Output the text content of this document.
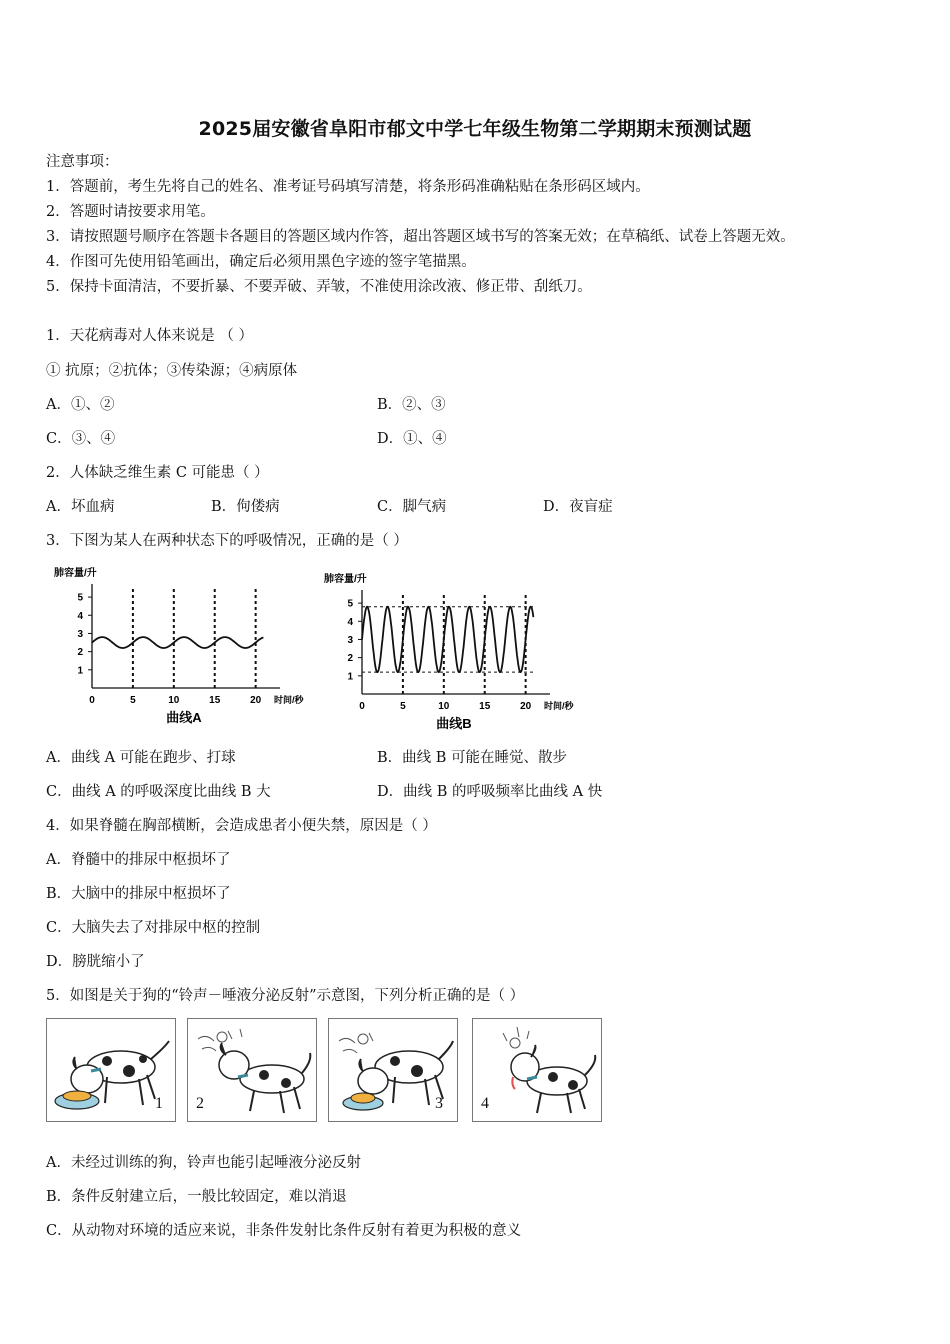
2025届安徽省阜阳市郁文中学七年级生物第二学期期末预测试题
注意事项：
1．答题前，考生先将自己的姓名、准考证号码填写清楚，将条形码准确粘贴在条形码区域内。
2．答题时请按要求用笔。
3．请按照题号顺序在答题卡各题目的答题区域内作答，超出答题区域书写的答案无效；在草稿纸、试卷上答题无效。
4．作图可先使用铅笔画出，确定后必须用黑色字迹的签字笔描黑。
5．保持卡面清洁，不要折暴、不要弄破、弄皱，不准使用涂改液、修正带、刮纸刀。
1．天花病毒对人体来说是 （ ）
① 抗原；②抗体；③传染源；④病原体
A．①、②	B．②、③
C．③、④	D．①、④
2．人体缺乏维生素 C 可能患（ ）
A．坏血病	B．佝偻病	C．脚气病	D．夜盲症
3．下图为某人在两种状态下的呼吸情况，正确的是（ ）
肺容量/升
1
2
3
4
5
0	5	10	15	20 时间/秒
曲线A
肺容量/升
1
2
3
4
5
0	5	10	15	20 时间/秒
曲线B
A．曲线 A 可能在跑步、打球	B．曲线 B 可能在睡觉、散步
C．曲线 A 的呼吸深度比曲线 B 大	D．曲线 B 的呼吸频率比曲线 A 快
4．如果脊髓在胸部横断，会造成患者小便失禁，原因是（ ）
A．脊髓中的排尿中枢损坏了
B．大脑中的排尿中枢损坏了
C．大脑失去了对排尿中枢的控制
D．膀胱缩小了
5．如图是关于狗的“铃声－唾液分泌反射”示意图，下列分析正确的是（ ）
1 2	3 4
A．未经过训练的狗，铃声也能引起唾液分泌反射
B．条件反射建立后，一般比较固定，难以消退
C．从动物对环境的适应来说，非条件发射比条件反射有着更为积极的意义
